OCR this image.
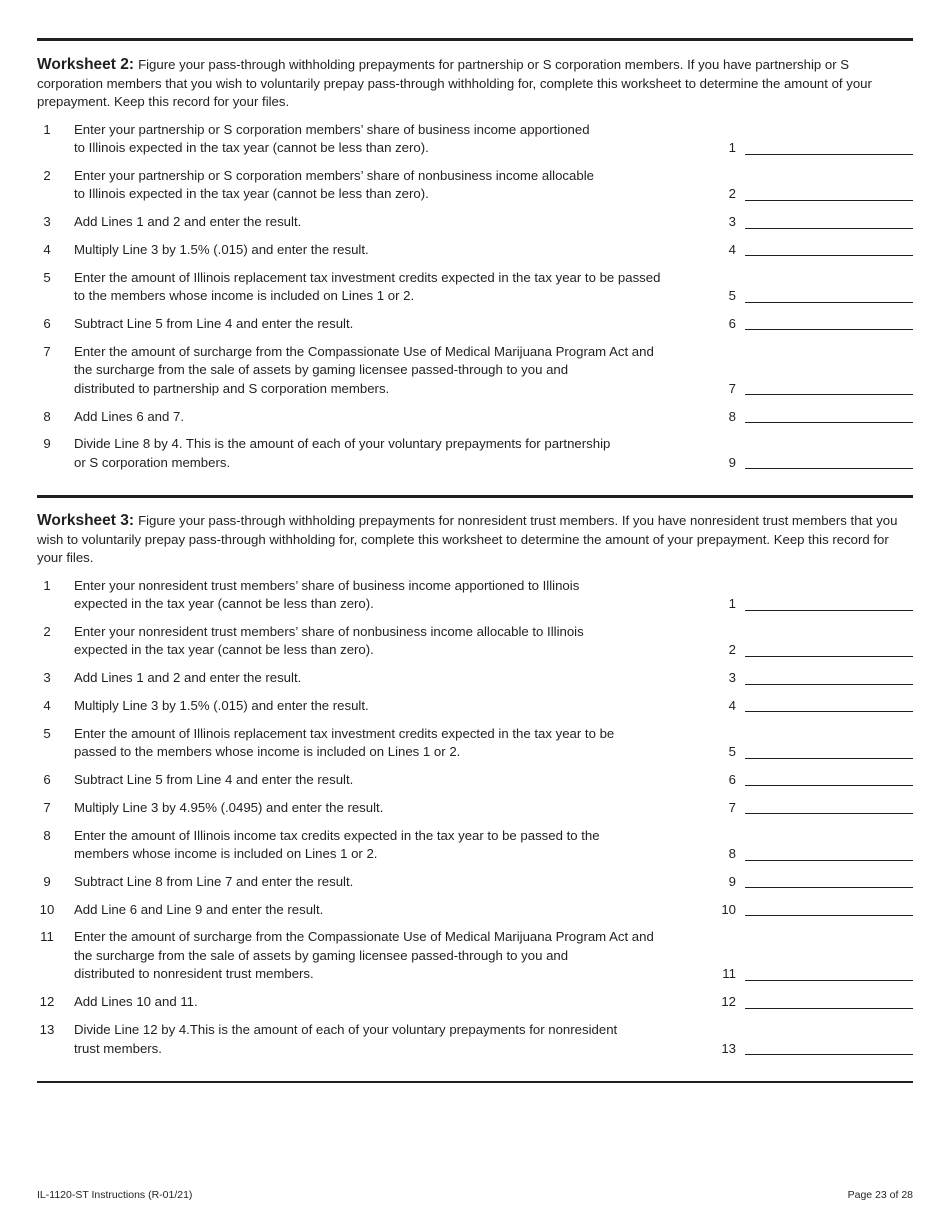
Worksheet 2: Figure your pass-through withholding prepayments for partnership or S corporation members. If you have partnership or S corporation members that you wish to voluntarily prepay pass-through withholding for, complete this worksheet to determine the amount of your prepayment. Keep this record for your files.

1	Enter your partnership or S corporation members’ share of business income apportioned
to Illinois expected in the tax year (cannot be less than zero).	1
2	Enter your partnership or S corporation members’ share of nonbusiness income allocable
to Illinois expected in the tax year (cannot be less than zero).	2
3	Add Lines 1 and 2 and enter the result.	3
4	Multiply Line 3 by 1.5% (.015) and enter the result.	4
5	Enter the amount of Illinois replacement tax investment credits expected in the tax year to be passed
to the members whose income is included on Lines 1 or 2.	5
6	Subtract Line 5 from Line 4 and enter the result.	6
7	Enter the amount of surcharge from the Compassionate Use of Medical Marijuana Program Act and
the surcharge from the sale of assets by gaming licensee passed-through to you and
distributed to partnership and S corporation members.	7
8	Add Lines 6 and 7.	8
9	Divide Line 8 by 4. This is the amount of each of your voluntary prepayments for partnership
or S corporation members.	9

Worksheet 3: Figure your pass-through withholding prepayments for nonresident trust members. If you have nonresident trust members that you wish to voluntarily prepay pass-through withholding for, complete this worksheet to determine the amount of your prepayment. Keep this record for your files.

1	Enter your nonresident trust members’ share of business income apportioned to Illinois
expected in the tax year (cannot be less than zero).	1
2	Enter your nonresident trust members’ share of nonbusiness income allocable to Illinois
expected in the tax year (cannot be less than zero).	2
3	Add Lines 1 and 2 and enter the result.	3
4	Multiply Line 3 by 1.5% (.015) and enter the result.	4
5	Enter the amount of Illinois replacement tax investment credits expected in the tax year to be
passed to the members whose income is included on Lines 1 or 2.	5
6	Subtract Line 5 from Line 4 and enter the result.	6
7	Multiply Line 3 by 4.95% (.0495) and enter the result.	7
8	Enter the amount of Illinois income tax credits expected in the tax year to be passed to the
members whose income is included on Lines 1 or 2.	8
9	Subtract Line 8 from Line 7 and enter the result.	9
10 Add Line 6 and Line 9 and enter the result.	10
11 Enter the amount of surcharge from the Compassionate Use of Medical Marijuana Program Act and
the surcharge from the sale of assets by gaming licensee passed-through to you and
distributed to nonresident trust members.	11
12 Add Lines 10 and 11.	12
13 Divide Line 12 by 4.This is the amount of each of your voluntary prepayments for nonresident
trust members.	13
IL-1120-ST Instructions (R-01/21)	Page 23 of 28
